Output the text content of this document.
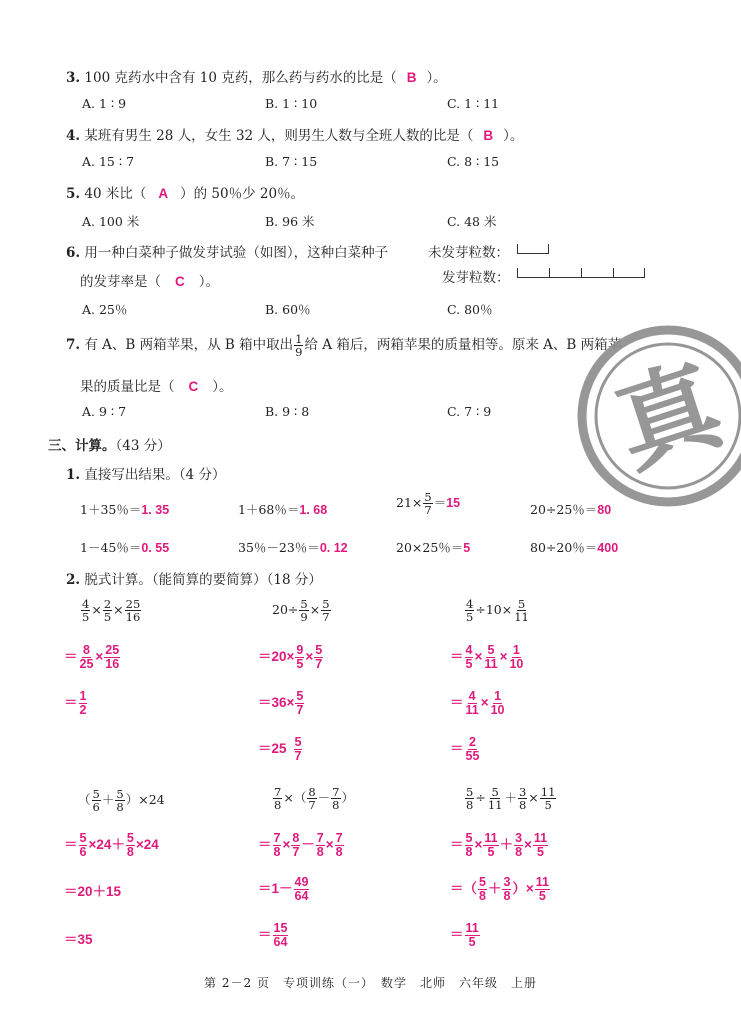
3. 100 克药水中含有 10 克药，那么药与药水的比是（ B ）。
A. 1 ∶ 9	B. 1 ∶ 10	C. 1 ∶ 11
4. 某班有男生 28 人，女生 32 人，则男生人数与全班人数的比是（ B ）。
A. 15 ∶ 7	B. 7 ∶ 15	C. 8 ∶ 15
5. 40 米比（ A ）的 50％少 20％。
A. 100 米	B. 96 米	C. 48 米
6. 用一种白菜种子做发芽试验（如图），这种白菜种子
的发芽率是（ C ）。
未发芽粒数：
发芽粒数：
A. 25％	B. 60％	C. 80％
7. 有 A、B 两箱苹果，从 B 箱中取出 $\frac{1}{9}$ 给 A 箱后，两箱苹果的质量相等。原来 A、B 两箱苹
果的质量比是（ C ）。
A. 9 ∶ 7	B. 9 ∶ 8	C. 7 ∶ 9 真
三、计算。（43 分）
1. 直接写出结果。（4 分）
1＋35％＝1. 35	1＋68％＝1. 68	$21\times \frac{5}{7} =15$	20÷25％＝80
1－45％＝0. 55	35％－23％＝0. 12	20×25％＝5	80÷20％＝400
2. 脱式计算。（能简算的要简算）（18 分）
$\frac{4}{5} \times \frac{2}{5} \times \frac{25}{16}$
＝ $\frac{8}{25} \times \frac{25}{16}$
＝ $\frac{1}{2}$
$20\div \frac{5}{9} \times \frac{5}{7}$
$=20\times \frac{9}{5} \times \frac{5}{7}$
$=36\times \frac{5}{7}$
$=25 \frac{5}{7}$
$\frac{4}{5} \div 10\times \frac{5}{11}$
＝ $\frac{4}{5} \times \frac{5}{11} \times \frac{1}{10}$
＝ $\frac{4}{11} \times \frac{1}{10}$
＝ $\frac{2}{55}$
（ $\frac{5}{6} + \frac{5}{8} )\times 24$
＝ $\frac{5}{6} \times 24+ \frac{5}{8} \times 24$
＝20＋15
＝35
$\frac{7}{8}$ ×（ $\frac{8}{7} - \frac{7}{8}$ ）
＝ $\frac{7}{8} \times \frac{8}{7} - \frac{7}{8} \times \frac{7}{8}$
$=1- \frac{49}{64}$
＝ $\frac{15}{64}$
$\frac{5}{8} \div \frac{5}{11} + \frac{3}{8} \times \frac{11}{5}$
＝ $\frac{5}{8} \times \frac{11}{5} + \frac{3}{8} \times \frac{11}{5}$
＝（ $\frac{5}{8} + \frac{3}{8}$ ）× $\frac{11}{5}$
＝ $\frac{11}{5}$
第 2－2 页　专项训练（一）　数学　北师　六年级　上册
